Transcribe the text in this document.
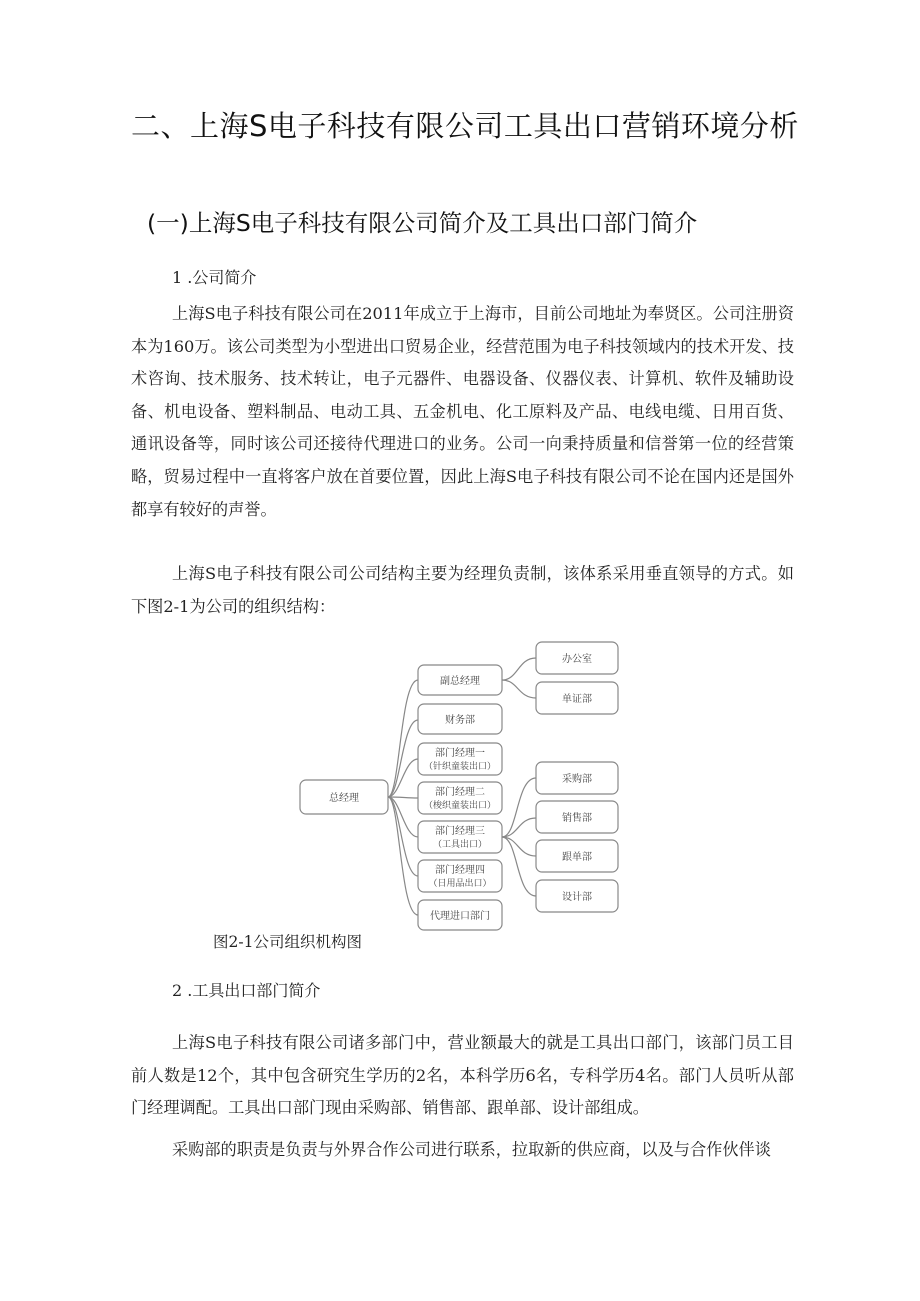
二、上海S电子科技有限公司工具出口营销环境分析
(一)上海S电子科技有限公司简介及工具出口部门简介
1 .公司简介

上海S电子科技有限公司在2011年成立于上海市，目前公司地址为奉贤区。公司注册资本为160万。该公司类型为小型进出口贸易企业，经营范围为电子科技领域内的技术开发、技术咨询、技术服务、技术转让，电子元器件、电器设备、仪器仪表、计算机、软件及辅助设备、机电设备、塑料制品、电动工具、五金机电、化工原料及产品、电线电缆、日用百货、通讯设备等，同时该公司还接待代理进口的业务。公司一向秉持质量和信誉第一位的经营策略，贸易过程中一直将客户放在首要位置，因此上海S电子科技有限公司不论在国内还是国外都享有较好的声誉。

上海S电子科技有限公司公司结构主要为经理负责制，该体系采用垂直领导的方式。如下图2-1为公司的组织结构：

总经理
副总经理
财务部
部门经理一
（针织童装出口）
部门经理二
（梭织童装出口）
部门经理三
（工具出口）
部门经理四
（日用品出口）
代理进口部门
办公室
单证部
采购部
销售部
跟单部
设计部
图2-1公司组织机构图
2 .工具出口部门简介

上海S电子科技有限公司诸多部门中，营业额最大的就是工具出口部门，该部门员工目前人数是12个，其中包含研究生学历的2名，本科学历6名，专科学历4名。部门人员听从部门经理调配。工具出口部门现由采购部、销售部、跟单部、设计部组成。

采购部的职责是负责与外界合作公司进行联系，拉取新的供应商，以及与合作伙伴谈
